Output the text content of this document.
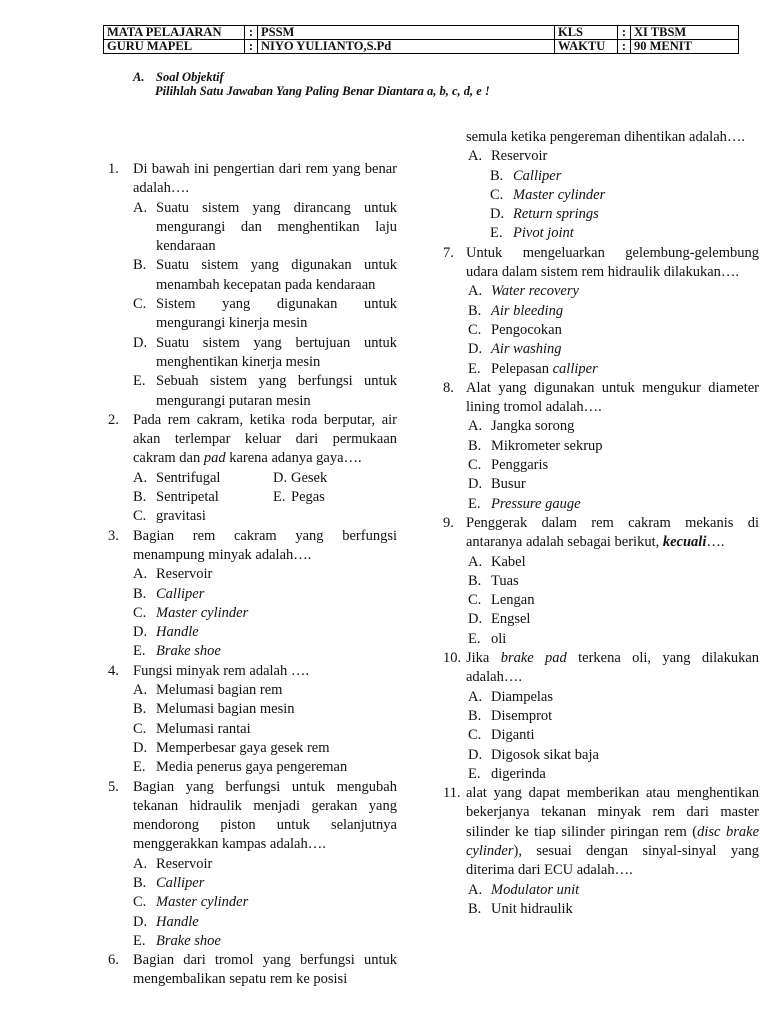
MATA PELAJARAN	:	PSSM	KLS	:	XI TBSM
GURU MAPEL	:	NIYO YULIANTO,S.Pd	WAKTU	:	90 MENIT
A. Soal Objektif
Pilihlah Satu Jawaban Yang Paling Benar Diantara a, b, c, d, e !
1. Di bawah ini pengertian dari rem yang benar adalah….
A. Suatu sistem yang dirancang untuk mengurangi dan menghentikan laju kendaraan
B. Suatu sistem yang digunakan untuk menambah kecepatan pada kendaraan
C. Sistem yang digunakan untuk mengurangi kinerja mesin
D. Suatu sistem yang bertujuan untuk menghentikan kinerja mesin
E. Sebuah sistem yang berfungsi untuk mengurangi putaran mesin
2. Pada rem cakram, ketika roda berputar, air akan terlempar keluar dari permukaan cakram dan pad karena adanya gaya….
A. Sentrifugal	D. Gesek
B. Sentripetal	E. Pegas
C. gravitasi
3. Bagian rem cakram yang berfungsi menampung minyak adalah….
A. Reservoir
B. Calliper
C. Master cylinder
D. Handle
E. Brake shoe
4. Fungsi minyak rem adalah ….
A. Melumasi bagian rem
B. Melumasi bagian mesin
C. Melumasi rantai
D. Memperbesar gaya gesek rem
E. Media penerus gaya pengereman
5. Bagian yang berfungsi untuk mengubah tekanan hidraulik menjadi gerakan yang mendorong piston untuk selanjutnya menggerakkan kampas adalah….
A. Reservoir
B. Calliper
C. Master cylinder
D. Handle
E. Brake shoe
6. Bagian dari tromol yang berfungsi untuk mengembalikan sepatu rem ke posisi
semula ketika pengereman dihentikan adalah….
A. Reservoir
B. Calliper
C. Master cylinder
D. Return springs
E. Pivot joint
7. Untuk mengeluarkan gelembung-gelembung udara dalam sistem rem hidraulik dilakukan….
A. Water recovery
B. Air bleeding
C. Pengocokan
D. Air washing
E. Pelepasan calliper
8. Alat yang digunakan untuk mengukur diameter lining tromol adalah….
A. Jangka sorong
B. Mikrometer sekrup
C. Penggaris
D. Busur
E. Pressure gauge
9. Penggerak dalam rem cakram mekanis di antaranya adalah sebagai berikut, kecuali….
A. Kabel
B. Tuas
C. Lengan
D. Engsel
E. oli
10. Jika brake pad terkena oli, yang dilakukan adalah….
A. Diampelas
B. Disemprot
C. Diganti
D. Digosok sikat baja
E. digerinda
11. alat yang dapat memberikan atau menghentikan bekerjanya tekanan minyak rem dari master silinder ke tiap silinder piringan rem (disc brake cylinder), sesuai dengan sinyal-sinyal yang diterima dari ECU adalah….
A. Modulator unit
B. Unit hidraulik
